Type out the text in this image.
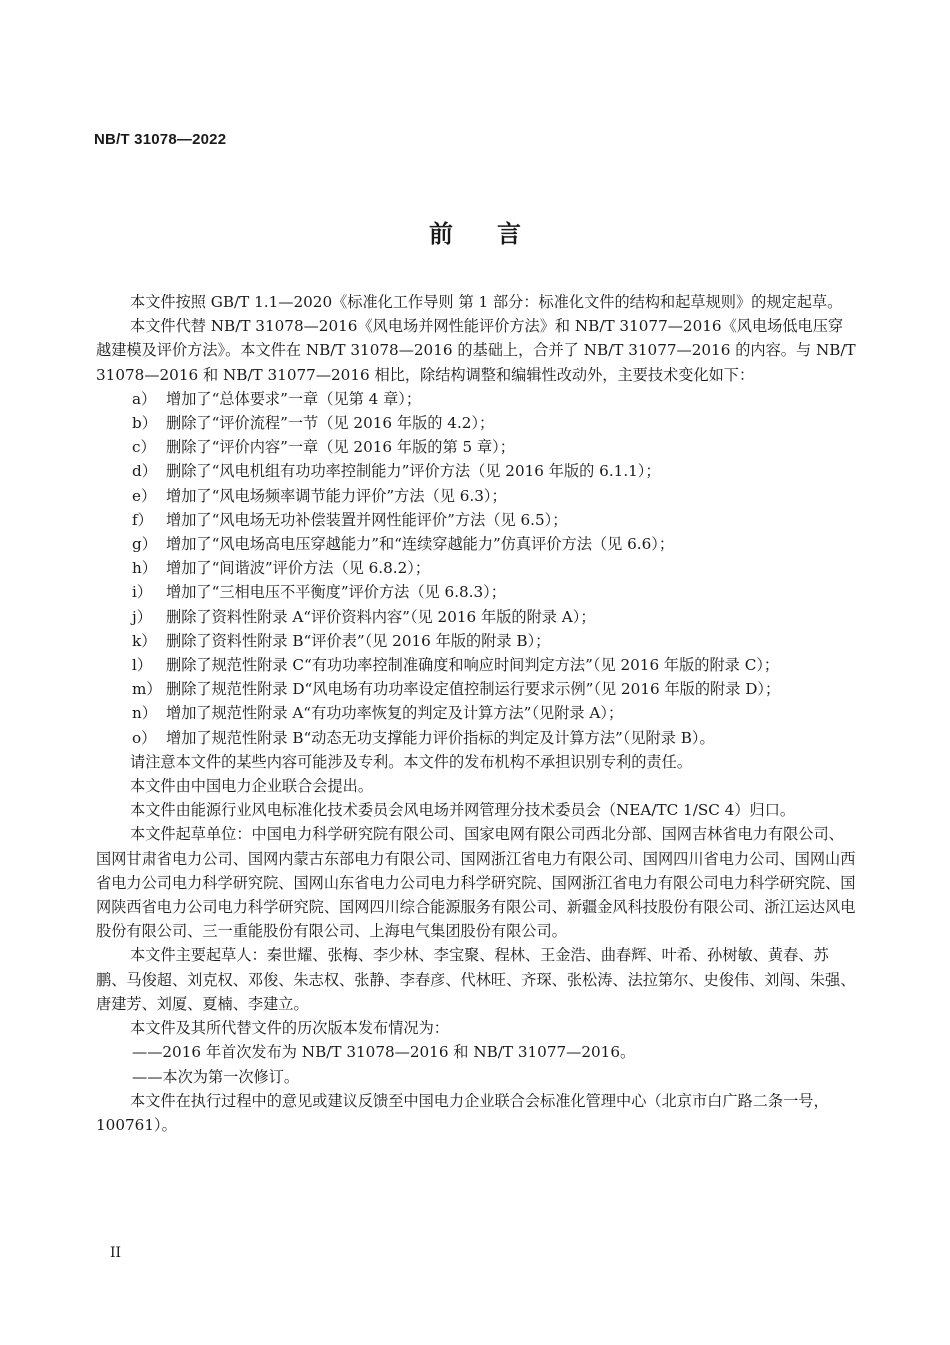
NB/T 31078—2022
前言

本文件按照 GB/T 1.1—2020《标准化工作导则 第 1 部分：标准化文件的结构和起草规则》的规定起草。

本文件代替 NB/T 31078—2016《风电场并网性能评价方法》和 NB/T 31077—2016《风电场低电压穿越建模及评价方法》。本文件在 NB/T 31078—2016 的基础上，合并了 NB/T 31077—2016 的内容。与 NB/T 31078—2016 和 NB/T 31077—2016 相比，除结构调整和编辑性改动外，主要技术变化如下：

a） 增加了“总体要求”一章（见第 4 章）；

b） 删除了“评价流程”一节（见 2016 年版的 4.2）；

c） 删除了“评价内容”一章（见 2016 年版的第 5 章）；

d） 删除了“风电机组有功功率控制能力”评价方法（见 2016 年版的 6.1.1）；

e） 增加了“风电场频率调节能力评价”方法（见 6.3）；

f） 增加了“风电场无功补偿装置并网性能评价”方法（见 6.5）；

g） 增加了“风电场高电压穿越能力”和“连续穿越能力”仿真评价方法（见 6.6）；

h） 增加了“间谐波”评价方法（见 6.8.2）；

i） 增加了“三相电压不平衡度”评价方法（见 6.8.3）；

j） 删除了资料性附录 A“评价资料内容”（见 2016 年版的附录 A）；

k） 删除了资料性附录 B“评价表”（见 2016 年版的附录 B）；

l） 删除了规范性附录 C“有功功率控制准确度和响应时间判定方法”（见 2016 年版的附录 C）；

m） 删除了规范性附录 D“风电场有功功率设定值控制运行要求示例”（见 2016 年版的附录 D）；

n） 增加了规范性附录 A“有功功率恢复的判定及计算方法”（见附录 A）；

o） 增加了规范性附录 B“动态无功支撑能力评价指标的判定及计算方法”（见附录 B）。

请注意本文件的某些内容可能涉及专利。本文件的发布机构不承担识别专利的责任。

本文件由中国电力企业联合会提出。

本文件由能源行业风电标准化技术委员会风电场并网管理分技术委员会（NEA/TC 1/SC 4）归口。

本文件起草单位：中国电力科学研究院有限公司、国家电网有限公司西北分部、国网吉林省电力有限公司、国网甘肃省电力公司、国网内蒙古东部电力有限公司、国网浙江省电力有限公司、国网四川省电力公司、国网山西省电力公司电力科学研究院、国网山东省电力公司电力科学研究院、国网浙江省电力有限公司电力科学研究院、国网陕西省电力公司电力科学研究院、国网四川综合能源服务有限公司、新疆金风科技股份有限公司、浙江运达风电股份有限公司、三一重能股份有限公司、上海电气集团股份有限公司。

本文件主要起草人：秦世耀、张梅、李少林、李宝聚、程林、王金浩、曲春辉、叶希、孙树敏、黄春、苏鹏、马俊超、刘克权、邓俊、朱志权、张静、李春彦、代林旺、齐琛、张松涛、法拉第尔、史俊伟、刘闯、朱强、唐建芳、刘厦、夏楠、李建立。

本文件及其所代替文件的历次版本发布情况为：

——2016 年首次发布为 NB/T 31078—2016 和 NB/T 31077—2016。

——本次为第一次修订。

本文件在执行过程中的意见或建议反馈至中国电力企业联合会标准化管理中心（北京市白广路二条一号，100761）。

II
